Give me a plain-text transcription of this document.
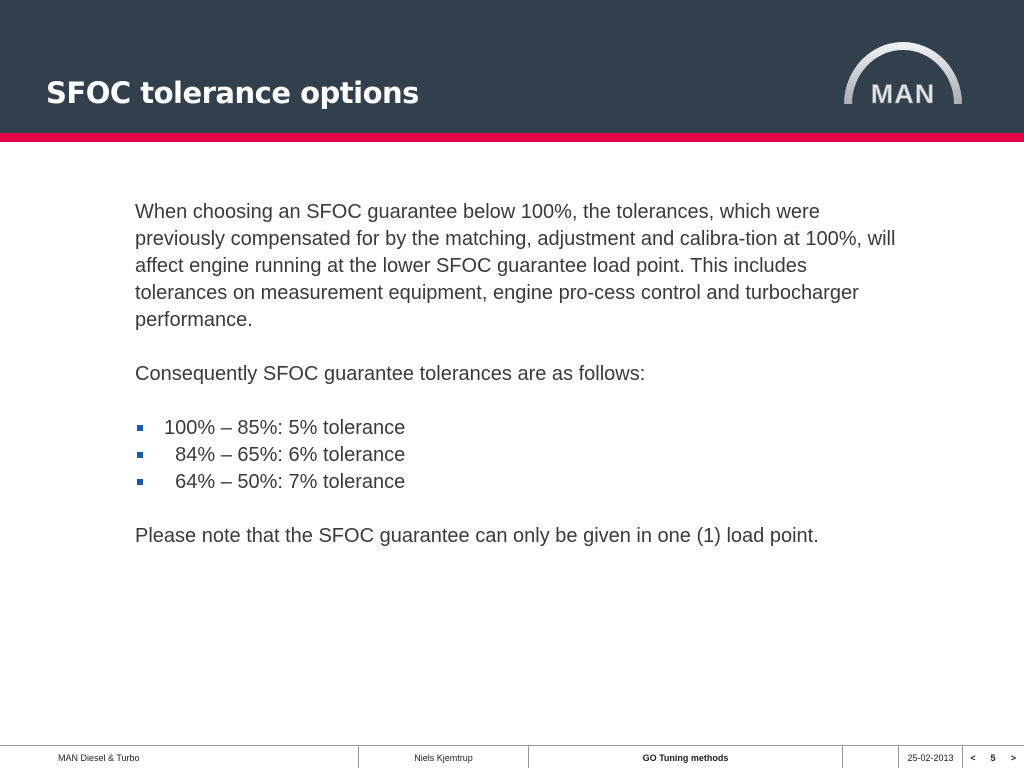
SFOC tolerance options	MAN

When choosing an SFOC guarantee below 100%, the tolerances, which were previously compensated for by the matching, adjustment and calibra-tion at 100%, will affect engine running at the lower SFOC guarantee load point. This includes tolerances on measurement equipment, engine pro-cess control and turbocharger performance.

Consequently SFOC guarantee tolerances are as follows:

100% – 85%: 5% tolerance
84% – 65%: 6% tolerance
64% – 50%: 7% tolerance

Please note that the SFOC guarantee can only be given in one (1) load point.

MAN Diesel & Turbo	Niels Kjemtrup	GO Tuning methods	25-02-2013	<	5	>
